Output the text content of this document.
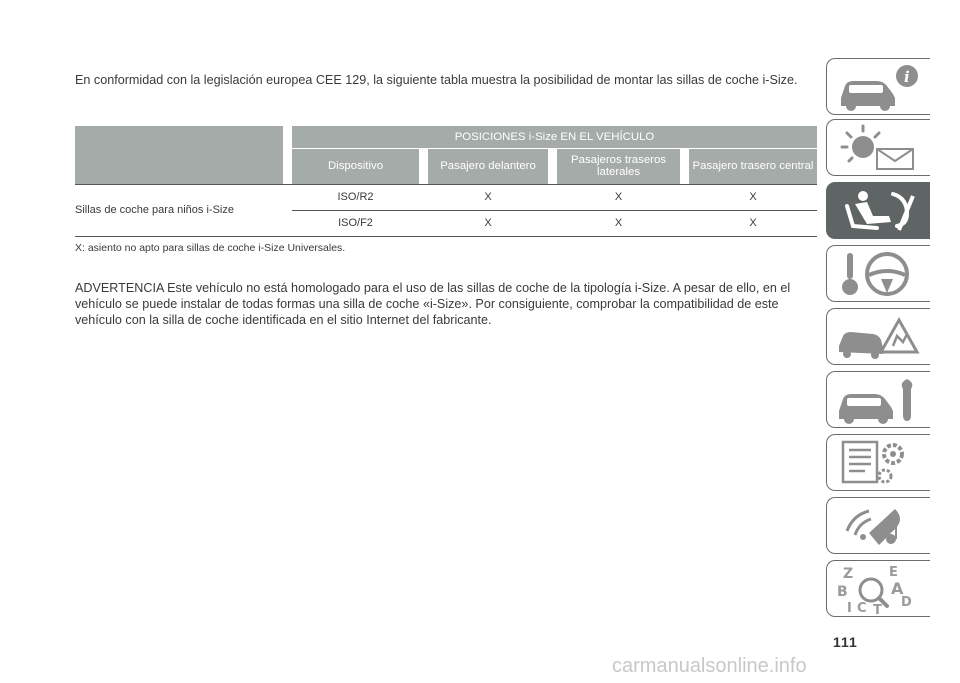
En conformidad con la legislación europea CEE 129, la siguiente tabla muestra la posibilidad de montar las sillas de coche i-Size.

		POSICIONES i-Size EN EL VEHÍCULO						
		Dispositivo		Pasajero delantero		Pasajeros traseros laterales		Pasajero trasero central
Sillas de coche para niños i-Size		ISO/R2		X		X		X
		ISO/F2		X		X		X

X: asiento no apto para sillas de coche i-Size Universales.

ADVERTENCIA Este vehículo no está homologado para el uso de las sillas de coche de la tipología i-Size. A pesar de ello, en el vehículo se puede instalar de todas formas una silla de coche «i-Size». Por consiguiente, comprobar la compatibilidad de este vehículo con la silla de coche identificada en el sitio Internet del fabricante.

i
Z	E
B	A
D
I C T
111
carmanualsonline.info
